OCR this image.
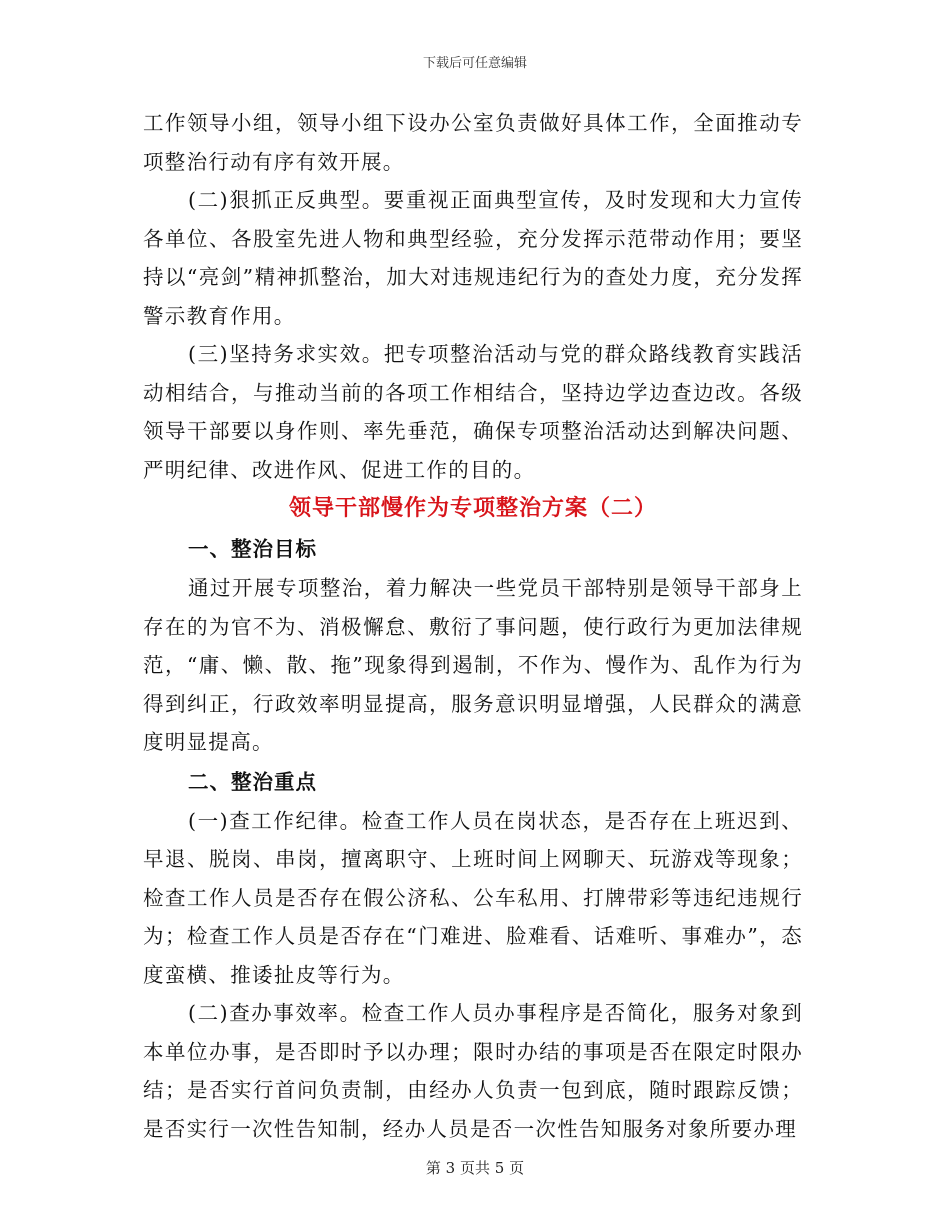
下载后可任意编辑

工作领导小组，领导小组下设办公室负责做好具体工作，全面推动专项整治行动有序有效开展。

(二)狠抓正反典型。要重视正面典型宣传，及时发现和大力宣传各单位、各股室先进人物和典型经验，充分发挥示范带动作用；要坚持以“亮剑”精神抓整治，加大对违规违纪行为的查处力度，充分发挥警示教育作用。

(三)坚持务求实效。把专项整治活动与党的群众路线教育实践活动相结合，与推动当前的各项工作相结合，坚持边学边查边改。各级领导干部要以身作则、率先垂范，确保专项整治活动达到解决问题、严明纪律、改进作风、促进工作的目的。

领导干部慢作为专项整治方案（二）

一、整治目标

通过开展专项整治，着力解决一些党员干部特别是领导干部身上存在的为官不为、消极懈怠、敷衍了事问题，使行政行为更加法律规范，“庸、懒、散、拖”现象得到遏制，不作为、慢作为、乱作为行为得到纠正，行政效率明显提高，服务意识明显增强，人民群众的满意度明显提高。

二、整治重点

(一)查工作纪律。检查工作人员在岗状态，是否存在上班迟到、早退、脱岗、串岗，擅离职守、上班时间上网聊天、玩游戏等现象；检查工作人员是否存在假公济私、公车私用、打牌带彩等违纪违规行为；检查工作人员是否存在“门难进、脸难看、话难听、事难办”，态度蛮横、推诿扯皮等行为。

(二)查办事效率。检查工作人员办事程序是否简化，服务对象到本单位办事，是否即时予以办理；限时办结的事项是否在限定时限办结；是否实行首问负责制，由经办人负责一包到底，随时跟踪反馈；是否实行一次性告知制，经办人员是否一次性告知服务对象所要办理

第 3 页共 5 页
